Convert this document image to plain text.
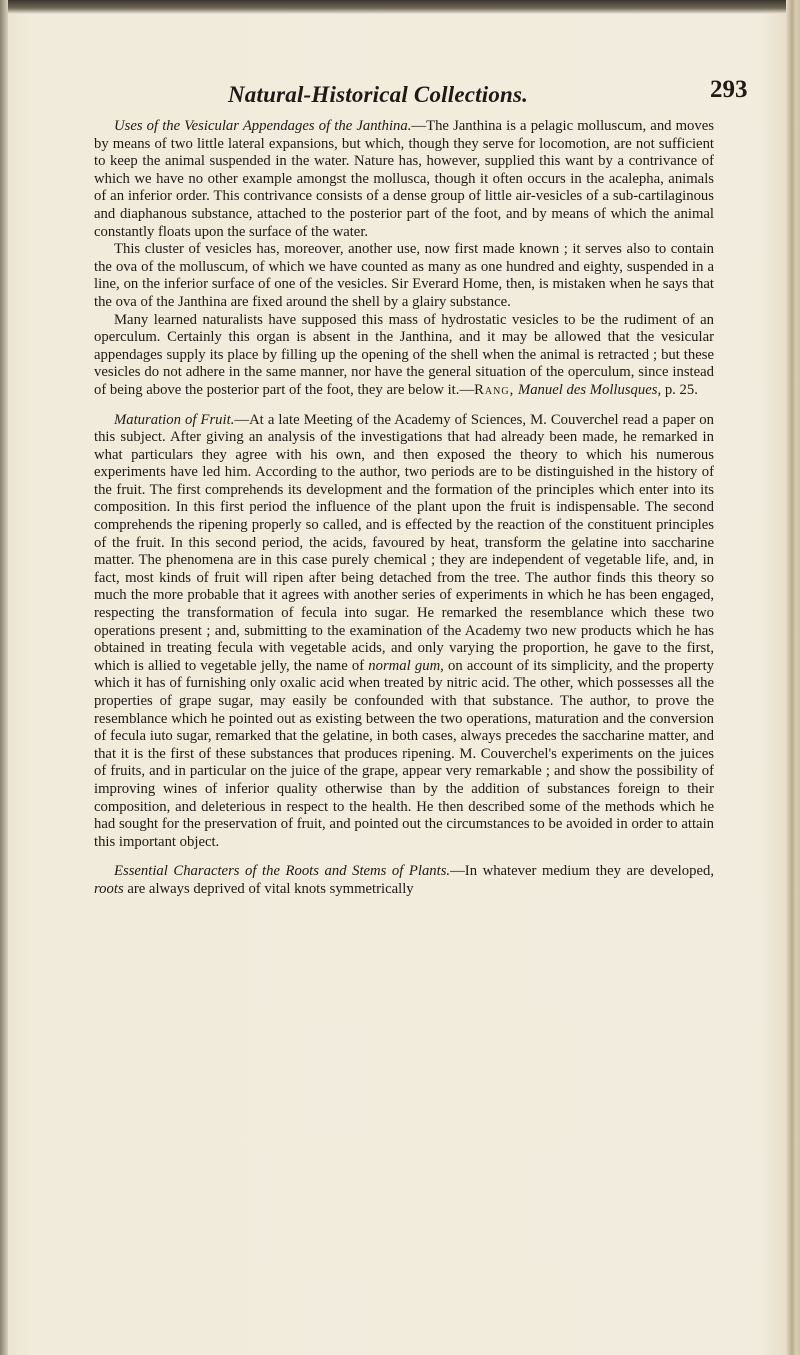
Natural-Historical Collections.	293

Uses of the Vesicular Appendages of the Janthina.—The Janthina is a pelagic molluscum, and moves by means of two little lateral expansions, but which, though they serve for locomotion, are not sufficient to keep the animal suspended in the water. Nature has, however, supplied this want by a contrivance of which we have no other example amongst the mollusca, though it often occurs in the acalepha, animals of an inferior order. This contrivance consists of a dense group of little air-vesicles of a sub-cartilaginous and diaphanous substance, attached to the posterior part of the foot, and by means of which the animal constantly floats upon the surface of the water.

This cluster of vesicles has, moreover, another use, now first made known ; it serves also to contain the ova of the molluscum, of which we have counted as many as one hundred and eighty, suspended in a line, on the inferior surface of one of the vesicles. Sir Everard Home, then, is mistaken when he says that the ova of the Janthina are fixed around the shell by a glairy substance.

Many learned naturalists have supposed this mass of hydrostatic vesicles to be the rudiment of an operculum. Certainly this organ is absent in the Janthina, and it may be allowed that the vesicular appendages supply its place by filling up the opening of the shell when the animal is retracted ; but these vesicles do not adhere in the same manner, nor have the general situation of the operculum, since instead of being above the posterior part of the foot, they are below it.—Rang, Manuel des Mollusques, p. 25.

Maturation of Fruit.—At a late Meeting of the Academy of Sciences, M. Couverchel read a paper on this subject. After giving an analysis of the investigations that had already been made, he remarked in what particulars they agree with his own, and then exposed the theory to which his numerous experiments have led him. According to the author, two periods are to be distinguished in the history of the fruit. The first comprehends its development and the formation of the principles which enter into its composition. In this first period the influence of the plant upon the fruit is indispensable. The second comprehends the ripening properly so called, and is effected by the reaction of the constituent principles of the fruit. In this second period, the acids, favoured by heat, transform the gelatine into saccharine matter. The phenomena are in this case purely chemical ; they are independent of vegetable life, and, in fact, most kinds of fruit will ripen after being detached from the tree. The author finds this theory so much the more probable that it agrees with another series of experiments in which he has been engaged, respecting the transformation of fecula into sugar. He remarked the resemblance which these two operations present ; and, submitting to the examination of the Academy two new products which he has obtained in treating fecula with vegetable acids, and only varying the proportion, he gave to the first, which is allied to vegetable jelly, the name of normal gum, on account of its simplicity, and the property which it has of furnishing only oxalic acid when treated by nitric acid. The other, which possesses all the properties of grape sugar, may easily be confounded with that substance. The author, to prove the resemblance which he pointed out as existing between the two operations, maturation and the conversion of fecula iuto sugar, remarked that the gelatine, in both cases, always precedes the saccharine matter, and that it is the first of these substances that produces ripening. M. Couverchel's experiments on the juices of fruits, and in particular on the juice of the grape, appear very remarkable ; and show the possibility of improving wines of inferior quality otherwise than by the addition of substances foreign to their composition, and deleterious in respect to the health. He then described some of the methods which he had sought for the preservation of fruit, and pointed out the circumstances to be avoided in order to attain this important object.

Essential Characters of the Roots and Stems of Plants.—In whatever medium they are developed, roots are always deprived of vital knots symmetrically
